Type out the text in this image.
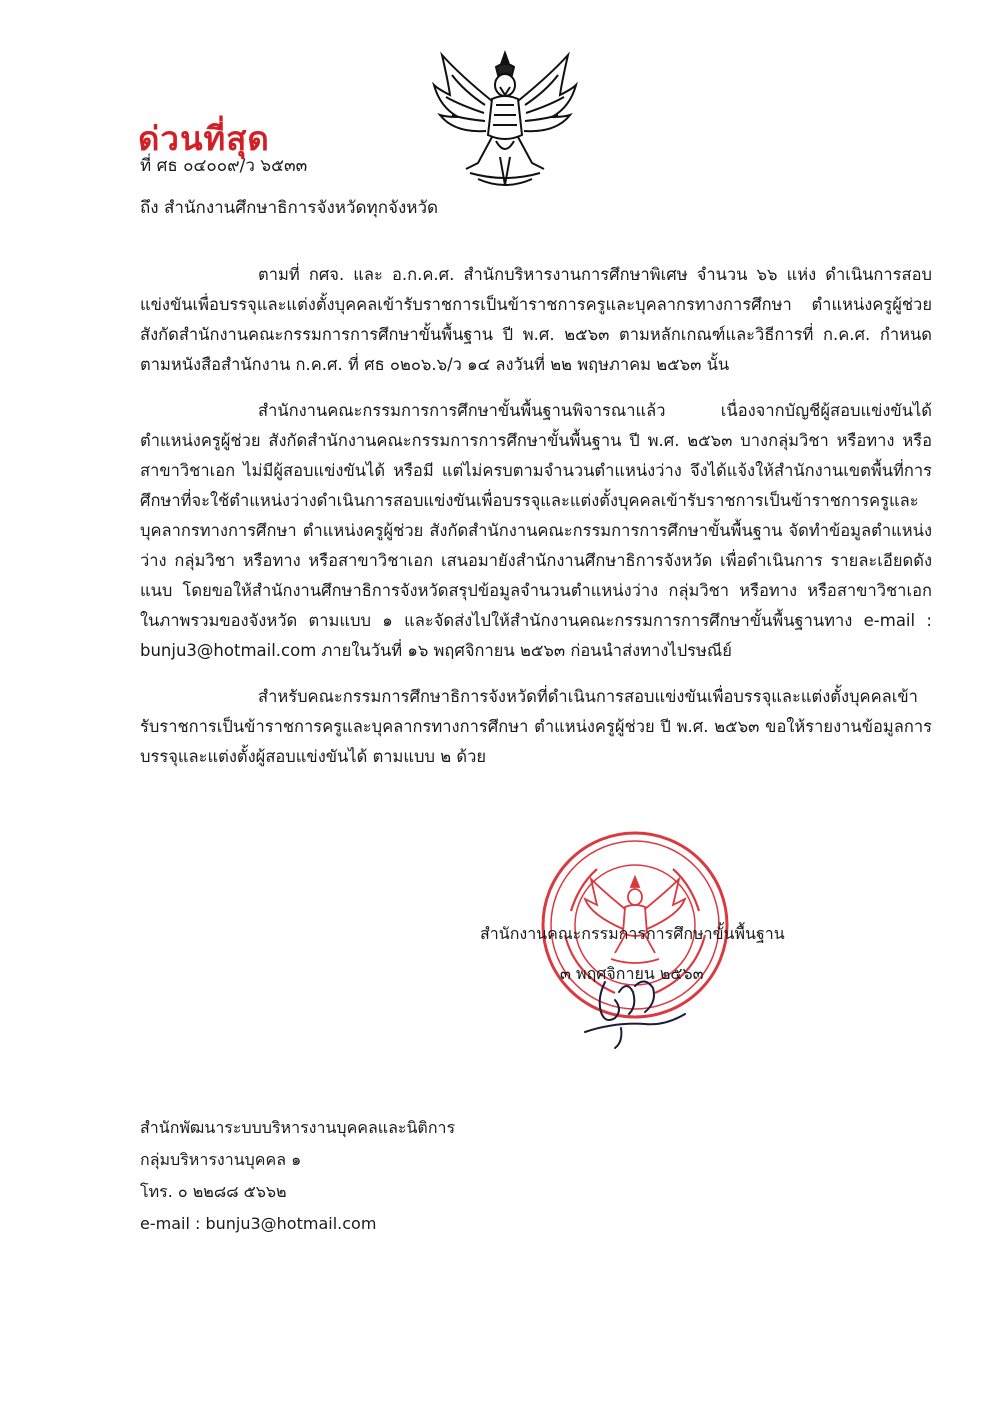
ด่วนที่สุด
ที่ ศธ ๐๔๐๐๙/ว ๖๕๓๓
ถึง สำนักงานศึกษาธิการจังหวัดทุกจังหวัด

ตามที่ กศจ. และ อ.ก.ค.ศ. สำนักบริหารงานการศึกษาพิเศษ จำนวน ๖๖ แห่ง ดำเนินการสอบแข่งขันเพื่อบรรจุและแต่งตั้งบุคคลเข้ารับราชการเป็นข้าราชการครูและบุคลากรทางการศึกษา ตำแหน่งครูผู้ช่วย สังกัดสำนักงานคณะกรรมการการศึกษาขั้นพื้นฐาน ปี พ.ศ. ๒๕๖๓ ตามหลักเกณฑ์และวิธีการที่ ก.ค.ศ. กำหนด ตามหนังสือสำนักงาน ก.ค.ศ. ที่ ศธ ๐๒๐๖.๖/ว ๑๔ ลงวันที่ ๒๒ พฤษภาคม ๒๕๖๓ นั้น

สำนักงานคณะกรรมการการศึกษาขั้นพื้นฐานพิจารณาแล้ว เนื่องจากบัญชีผู้สอบแข่งขันได้ตำแหน่งครูผู้ช่วย สังกัดสำนักงานคณะกรรมการการศึกษาขั้นพื้นฐาน ปี พ.ศ. ๒๕๖๓ บางกลุ่มวิชา หรือทาง หรือสาขาวิชาเอก ไม่มีผู้สอบแข่งขันได้ หรือมี แต่ไม่ครบตามจำนวนตำแหน่งว่าง จึงได้แจ้งให้สำนักงานเขตพื้นที่การศึกษาที่จะใช้ตำแหน่งว่างดำเนินการสอบแข่งขันเพื่อบรรจุและแต่งตั้งบุคคลเข้ารับราชการเป็นข้าราชการครูและบุคลากรทางการศึกษา ตำแหน่งครูผู้ช่วย สังกัดสำนักงานคณะกรรมการการศึกษาขั้นพื้นฐาน จัดทำข้อมูลตำแหน่งว่าง กลุ่มวิชา หรือทาง หรือสาขาวิชาเอก เสนอมายังสำนักงานศึกษาธิการจังหวัด เพื่อดำเนินการ รายละเอียดดังแนบ โดยขอให้สำนักงานศึกษาธิการจังหวัดสรุปข้อมูลจำนวนตำแหน่งว่าง กลุ่มวิชา หรือทาง หรือสาขาวิชาเอก ในภาพรวมของจังหวัด ตามแบบ ๑ และจัดส่งไปให้สำนักงานคณะกรรมการการศึกษาขั้นพื้นฐานทาง e-mail : bunju3@hotmail.com ภายในวันที่ ๑๖ พฤศจิกายน ๒๕๖๓ ก่อนนำส่งทางไปรษณีย์

สำหรับคณะกรรมการศึกษาธิการจังหวัดที่ดำเนินการสอบแข่งขันเพื่อบรรจุและแต่งตั้งบุคคลเข้ารับราชการเป็นข้าราชการครูและบุคลากรทางการศึกษา ตำแหน่งครูผู้ช่วย ปี พ.ศ. ๒๕๖๓ ขอให้รายงานข้อมูลการบรรจุและแต่งตั้งผู้สอบแข่งขันได้ ตามแบบ ๒ ด้วย

สำนักงานคณะกรรมการการศึกษาขั้นพื้นฐาน
๓ พฤศจิกายน ๒๕๖๓
สำนักพัฒนาระบบบริหารงานบุคคลและนิติการ
กลุ่มบริหารงานบุคคล ๑
โทร. ๐ ๒๒๘๘ ๕๖๖๒
e-mail : bunju3@hotmail.com
